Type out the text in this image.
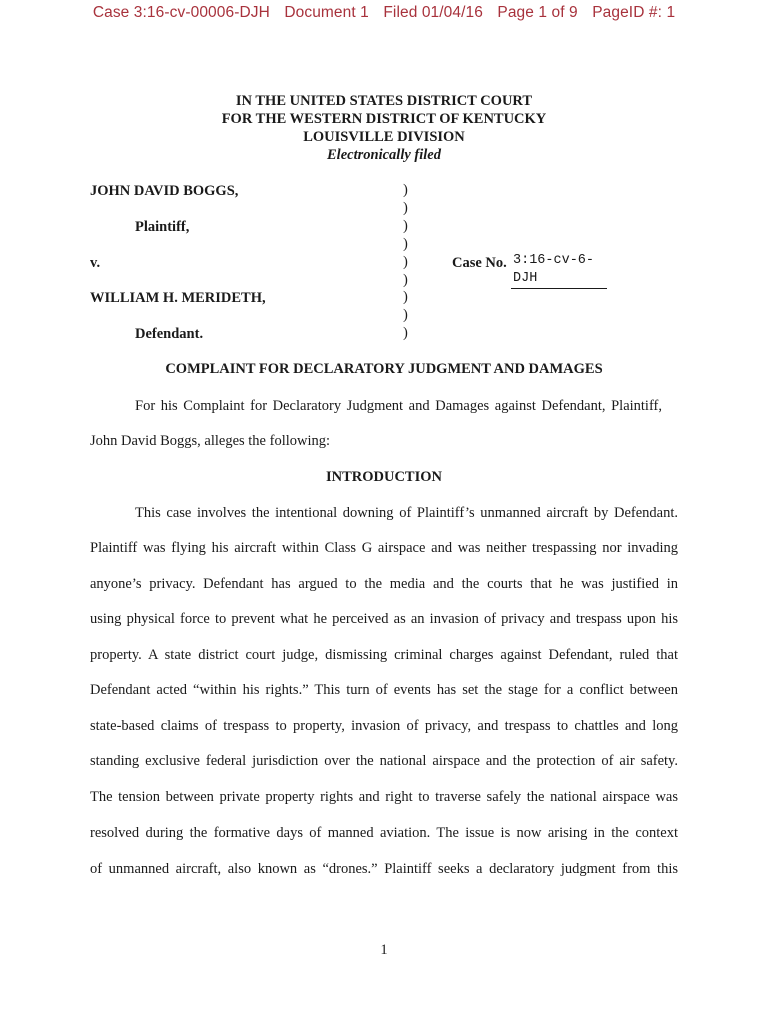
Case 3:16-cv-00006-DJH Document 1 Filed 01/04/16 Page 1 of 9 PageID #: 1
IN THE UNITED STATES DISTRICT COURT
FOR THE WESTERN DISTRICT OF KENTUCKY
LOUISVILLE DIVISION
Electronically filed
JOHN DAVID BOGGS,
Plaintiff,
v.
WILLIAM H. MERIDETH,
Defendant.
)
)
)
)
)
)
)
)
)
Case No. 3:16-cv-6-DJH
COMPLAINT FOR DECLARATORY JUDGMENT AND DAMAGES
For his Complaint for Declaratory Judgment and Damages against Defendant, Plaintiff,
John David Boggs, alleges the following:
INTRODUCTION
This case involves the intentional downing of Plaintiff’s unmanned aircraft by Defendant.
Plaintiff was flying his aircraft within Class G airspace and was neither trespassing nor invading
anyone’s privacy. Defendant has argued to the media and the courts that he was justified in
using physical force to prevent what he perceived as an invasion of privacy and trespass upon his
property. A state district court judge, dismissing criminal charges against Defendant, ruled that
Defendant acted “within his rights.” This turn of events has set the stage for a conflict between
state-based claims of trespass to property, invasion of privacy, and trespass to chattles and long
standing exclusive federal jurisdiction over the national airspace and the protection of air safety.
The tension between private property rights and right to traverse safely the national airspace was
resolved during the formative days of manned aviation. The issue is now arising in the context
of unmanned aircraft, also known as “drones.” Plaintiff seeks a declaratory judgment from this
1
